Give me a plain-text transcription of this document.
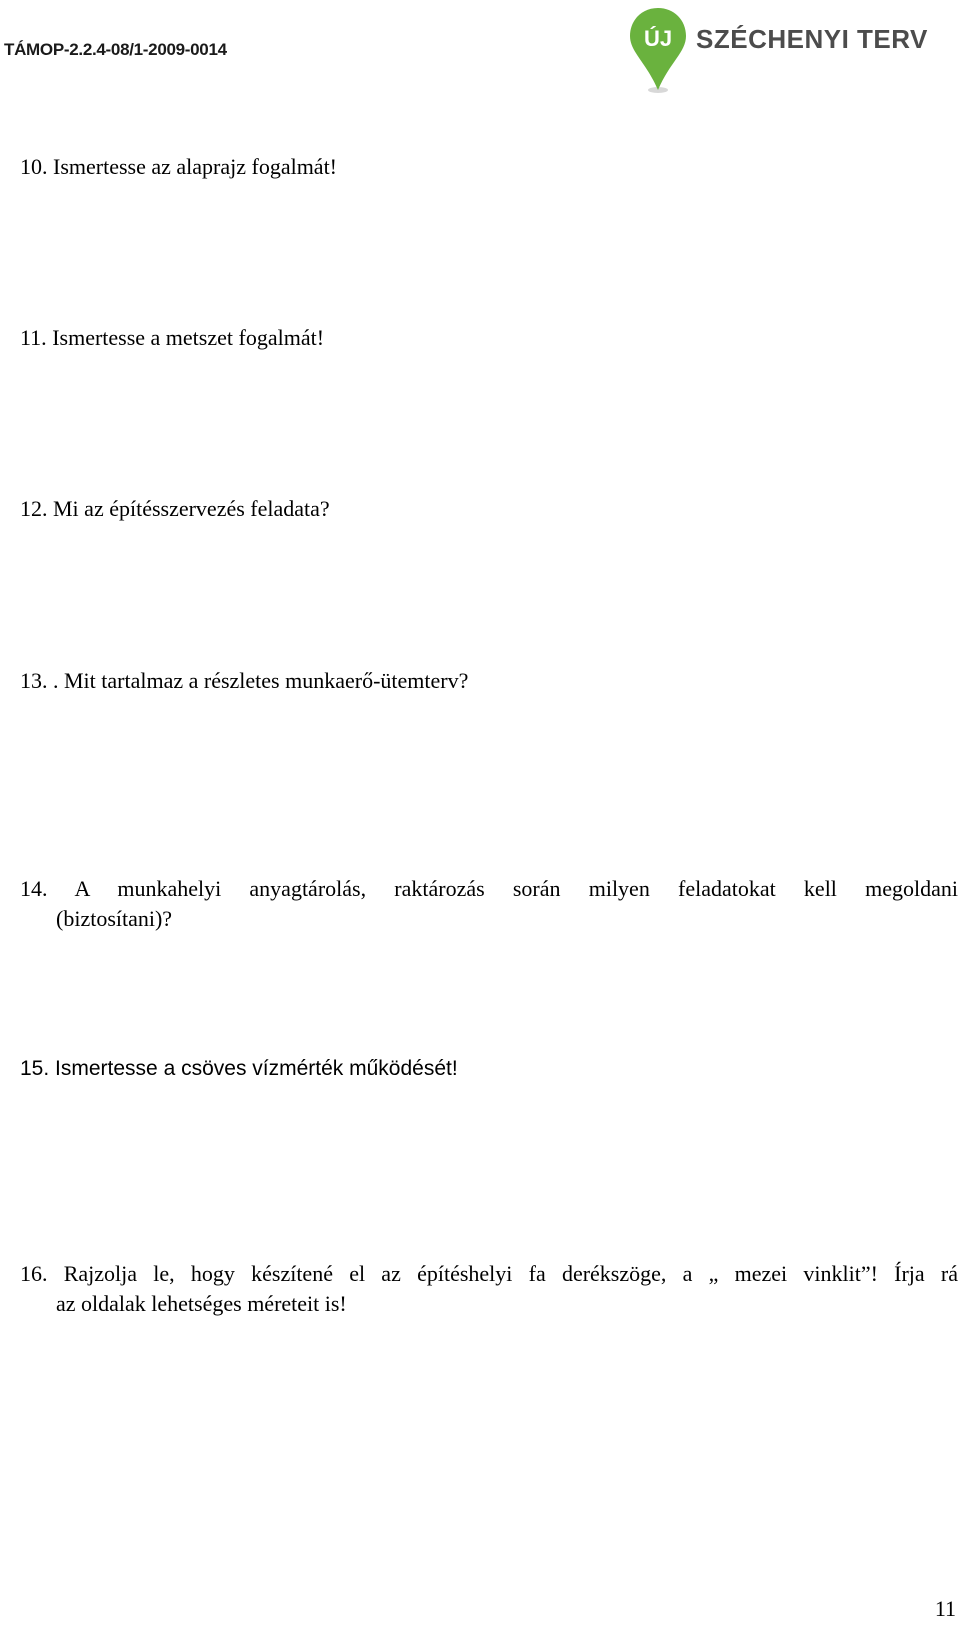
TÁMOP-2.2.4-08/1-2009-0014	ÚJ SZÉCHENYI TERV
10. Ismertesse az alaprajz fogalmát!
11. Ismertesse a metszet fogalmát!
12. Mi az építésszervezés feladata?
13. . Mit tartalmaz a részletes munkaerő-ütemterv?
14. A munkahelyi anyagtárolás, raktározás során milyen feladatokat kell megoldani
(biztosítani)?
15. Ismertesse a csöves vízmérték működését!
16. Rajzolja le, hogy készítené el az építéshelyi fa derékszöge, a „ mezei vinklit”! Írja rá
az oldalak lehetséges méreteit is!
11
